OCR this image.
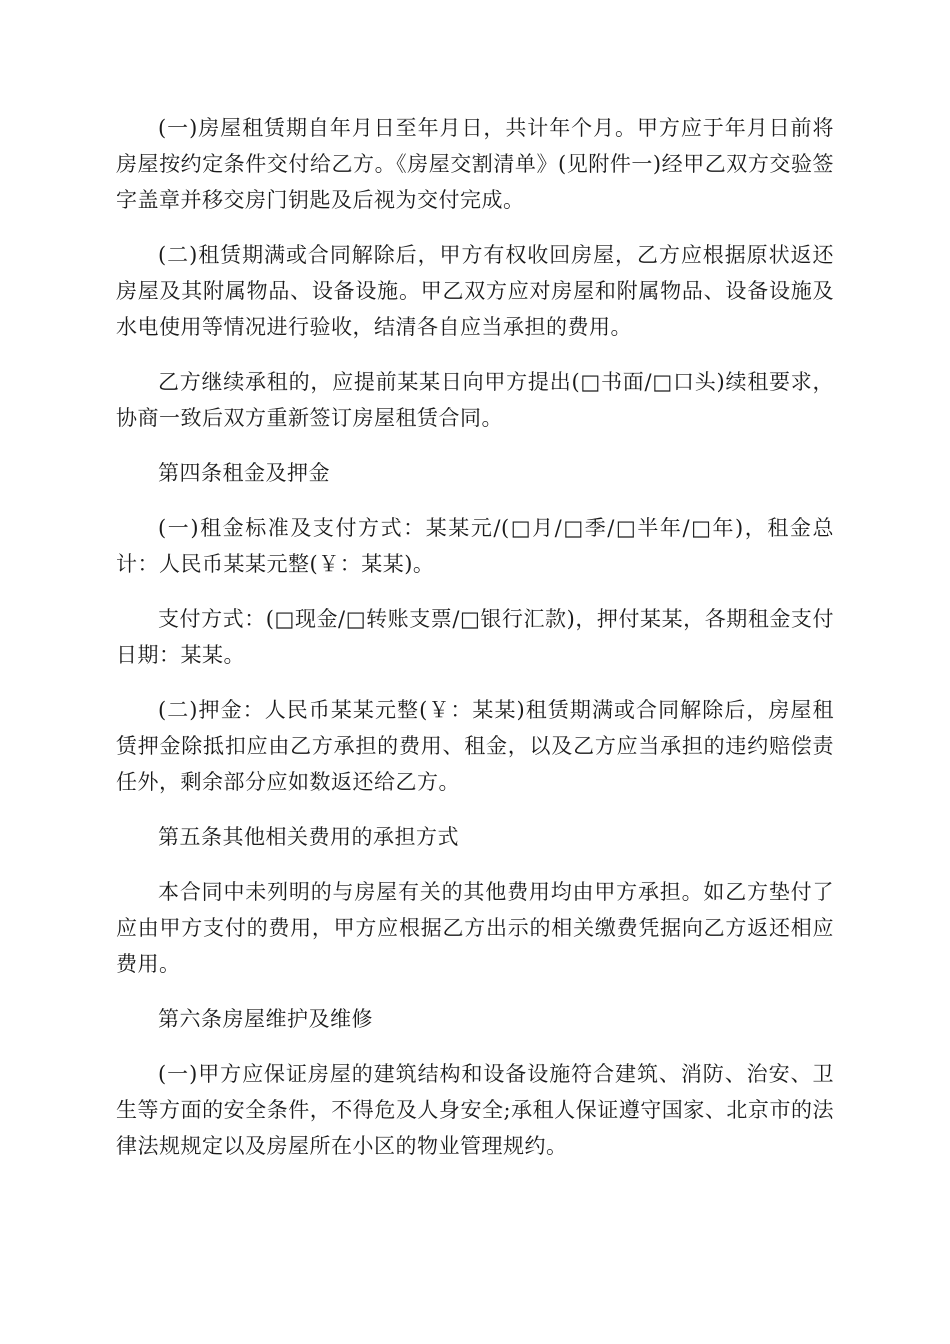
(一)房屋租赁期自年月日至年月日，共计年个月。甲方应于年月日前将房屋按约定条件交付给乙方。《房屋交割清单》(见附件一)经甲乙双方交验签字盖章并移交房门钥匙及后视为交付完成。

(二)租赁期满或合同解除后，甲方有权收回房屋，乙方应根据原状返还房屋及其附属物品、设备设施。甲乙双方应对房屋和附属物品、设备设施及水电使用等情况进行验收，结清各自应当承担的费用。

乙方继续承租的，应提前某某日向甲方提出(□书面/□口头)续租要求，协商一致后双方重新签订房屋租赁合同。

第四条租金及押金

(一)租金标准及支付方式：某某元/(□月/□季/□半年/□年)，租金总计：人民币某某元整(￥：某某)。

支付方式：(□现金/□转账支票/□银行汇款)，押付某某，各期租金支付日期：某某。

(二)押金：人民币某某元整(￥：某某)租赁期满或合同解除后，房屋租赁押金除抵扣应由乙方承担的费用、租金，以及乙方应当承担的违约赔偿责任外，剩余部分应如数返还给乙方。

第五条其他相关费用的承担方式

本合同中未列明的与房屋有关的其他费用均由甲方承担。如乙方垫付了应由甲方支付的费用，甲方应根据乙方出示的相关缴费凭据向乙方返还相应费用。

第六条房屋维护及维修

(一)甲方应保证房屋的建筑结构和设备设施符合建筑、消防、治安、卫生等方面的安全条件，不得危及人身安全;承租人保证遵守国家、北京市的法律法规规定以及房屋所在小区的物业管理规约。
